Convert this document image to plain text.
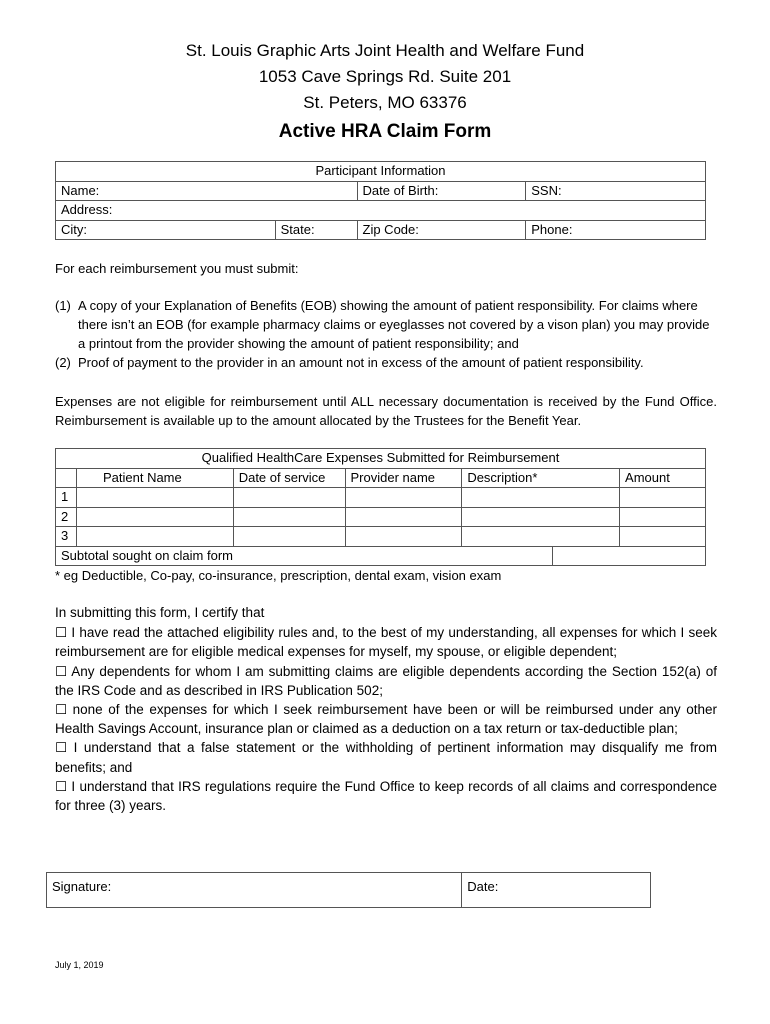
St. Louis Graphic Arts Joint Health and Welfare Fund
1053 Cave Springs Rd. Suite 201
St. Peters, MO 63376
Active HRA Claim Form
Participant Information			
Name:		Date of Birth:	SSN:
Address:			
City:	State:	Zip Code:	Phone:

For each reimbursement you must submit:

(1) A copy of your Explanation of Benefits (EOB) showing the amount of patient responsibility. For claims where there isn’t an EOB (for example pharmacy claims or eyeglasses not covered by a vison plan) you may provide a printout from the provider showing the amount of patient responsibility; and
(2) Proof of payment to the provider in an amount not in excess of the amount of patient responsibility.

Expenses are not eligible for reimbursement until ALL necessary documentation is received by the Fund Office. Reimbursement is available up to the amount allocated by the Trustees for the Benefit Year.

Qualified HealthCare Expenses Submitted for Reimbursement						
	Patient Name	Date of service	Provider name	Description*		Amount
1						
2						
3						
Subtotal sought on claim form						
* eg Deductible, Co-pay, co-insurance, prescription, dental exam, vision exam

In submitting this form, I certify that

☐ I have read the attached eligibility rules and, to the best of my understanding, all expenses for which I seek reimbursement are for eligible medical expenses for myself, my spouse, or eligible dependent;

☐ Any dependents for whom I am submitting claims are eligible dependents according the Section 152(a) of the IRS Code and as described in IRS Publication 502;

☐ none of the expenses for which I seek reimbursement have been or will be reimbursed under any other Health Savings Account, insurance plan or claimed as a deduction on a tax return or tax-deductible plan;

☐ I understand that a false statement or the withholding of pertinent information may disqualify me from benefits; and

☐ I understand that IRS regulations require the Fund Office to keep records of all claims and correspondence for three (3) years.

Signature:	Date:
July 1, 2019
